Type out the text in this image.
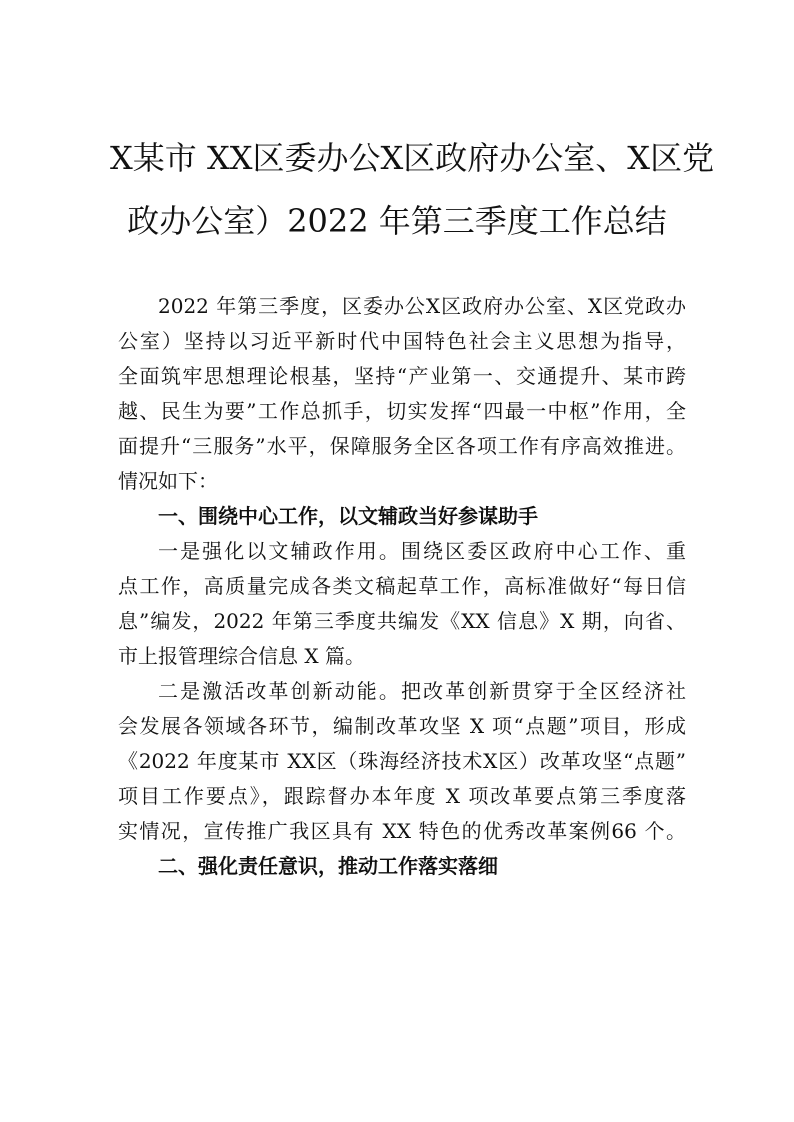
X某市 XX区委办公X区政府办公室、X区党
政办公室）2022 年第三季度工作总结
2022 年第三季度，区委办公X区政府办公室、X区党政办
公室）坚持以习近平新时代中国特色社会主义思想为指导，
全面筑牢思想理论根基，坚持“产业第一、交通提升、某市跨
越、民生为要”工作总抓手，切实发挥“四最一中枢”作用，全
面提升“三服务”水平，保障服务全区各项工作有序高效推进。
情况如下：
一、围绕中心工作，以文辅政当好参谋助手
一是强化以文辅政作用。围绕区委区政府中心工作、重
点工作，高质量完成各类文稿起草工作，高标准做好“每日信
息”编发，2022 年第三季度共编发《XX 信息》X 期，向省、
市上报管理综合信息 X 篇。
二是激活改革创新动能。把改革创新贯穿于全区经济社
会发展各领域各环节，编制改革攻坚 X 项“点题”项目，形成
《2022 年度某市 XX区（珠海经济技术X区）改革攻坚“点题”
项目工作要点》，跟踪督办本年度 X 项改革要点第三季度落
实情况，宣传推广我区具有 XX 特色的优秀改革案例66 个。
二、强化责任意识，推动工作落实落细
